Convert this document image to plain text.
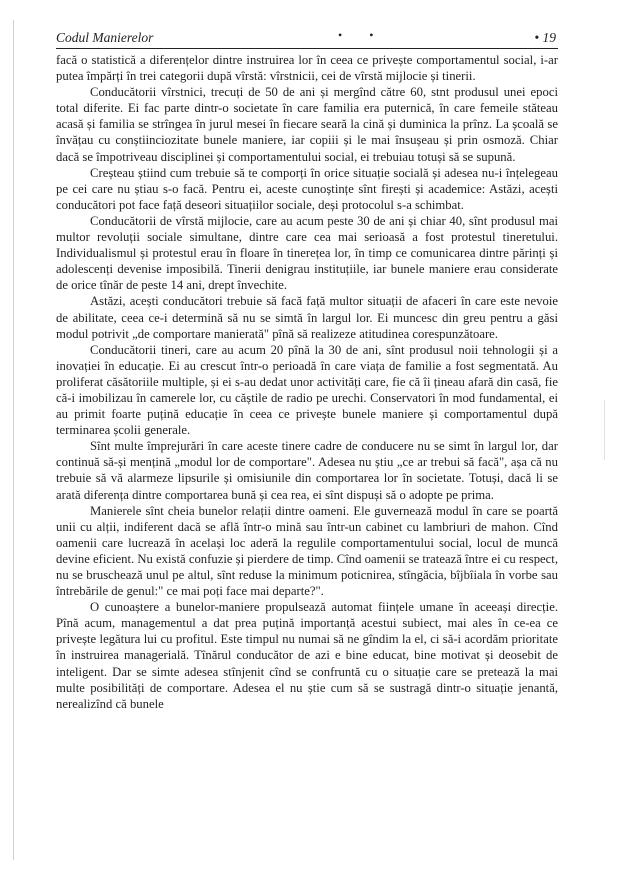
Codul Manierelor	• •	• 19

facă o statistică a diferențelor dintre instruirea lor în ceea ce privește comportamentul social, i-ar putea împărți în trei categorii după vîrstă: vîrstnicii, cei de vîrstă mijlocie și tinerii.

Conducătorii vîrstnici, trecuți de 50 de ani și mergînd către 60, stnt produsul unei epoci total diferite. Ei fac parte dintr-o societate în care familia era puternică, în care femeile stăteau acasă și familia se strîngea în jurul mesei în fiecare seară la cină și duminica la prînz. La școală se învățau cu conștiinciozitate bunele maniere, iar copiii și le mai însușeau și prin osmoză. Chiar dacă se împotriveau disciplinei și comportamentului social, ei trebuiau totuși să se supună.

Creșteau știind cum trebuie să te comporți în orice situație socială și adesea nu-i înțelegeau pe cei care nu știau s-o facă. Pentru ei, aceste cunoștințe sînt firești și academice: Astăzi, acești conducători pot face față deseori situațiilor sociale, deși protocolul s-a schimbat.

Conducătorii de vîrstă mijlocie, care au acum peste 30 de ani și chiar 40, sînt produsul mai multor revoluții sociale simultane, dintre care cea mai serioasă a fost protestul tineretului. Individualismul și protestul erau în floare în tinerețea lor, în timp ce comunicarea dintre părinți și adolescenți devenise imposibilă. Tinerii denigrau instituțiile, iar bunele maniere erau considerate de orice tînăr de peste 14 ani, drept învechite.

Astăzi, acești conducători trebuie să facă față multor situații de afaceri în care este nevoie de abilitate, ceea ce-i determină să nu se simtă în largul lor. Ei muncesc din greu pentru a găsi modul potrivit „de comportare manierată" pînă să realizeze atitudinea corespunzătoare.

Conducătorii tineri, care au acum 20 pînă la 30 de ani, sînt produsul noii tehnologii și a inovației în educație. Ei au crescut într-o perioadă în care viața de familie a fost segmentată. Au proliferat căsătoriile multiple, și ei s-au dedat unor activități care, fie că îi țineau afară din casă, fie că-i imobilizau în camerele lor, cu căștile de radio pe urechi. Conservatori în mod fundamental, ei au primit foarte puțină educație în ceea ce privește bunele maniere și comportamentul după terminarea școlii generale.

Sînt multe împrejurări în care aceste tinere cadre de conducere nu se simt în largul lor, dar continuă să-și mențină „modul lor de comportare". Adesea nu știu „ce ar trebui să facă", așa că nu trebuie să vă alarmeze lipsurile și omisiunile din comportarea lor în societate. Totuși, dacă li se arată diferența dintre comportarea bună și cea rea, ei sînt dispuși să o adopte pe prima.

Manierele sînt cheia bunelor relații dintre oameni. Ele guvernează modul în care se poartă unii cu alții, indiferent dacă se află într-o mină sau într-un cabinet cu lambriuri de mahon. Cînd oamenii care lucrează în același loc aderă la regulile comportamentului social, locul de muncă devine eficient. Nu există confuzie și pierdere de timp. Cînd oamenii se tratează între ei cu respect, nu se bruschează unul pe altul, sînt reduse la minimum poticnirea, stîngăcia, bîjbîiala în vorbe sau întrebările de genul:" ce mai poți face mai departe?".

O cunoaștere a bunelor-maniere propulsează automat ființele umane în aceeași direcție. Pînă acum, managementul a dat prea puțină importanță acestui subiect, mai ales în ce-ea ce privește legătura lui cu profitul. Este timpul nu numai să ne gîndim la el, ci să-i acordăm prioritate în instruirea managerială. Tînărul conducător de azi e bine educat, bine motivat și deosebit de inteligent. Dar se simte adesea stînjenit cînd se confruntă cu o situație care se pretează la mai multe posibilități de comportare. Adesea el nu știe cum să se sustragă dintr-o situație jenantă, nerealizînd că bunele
